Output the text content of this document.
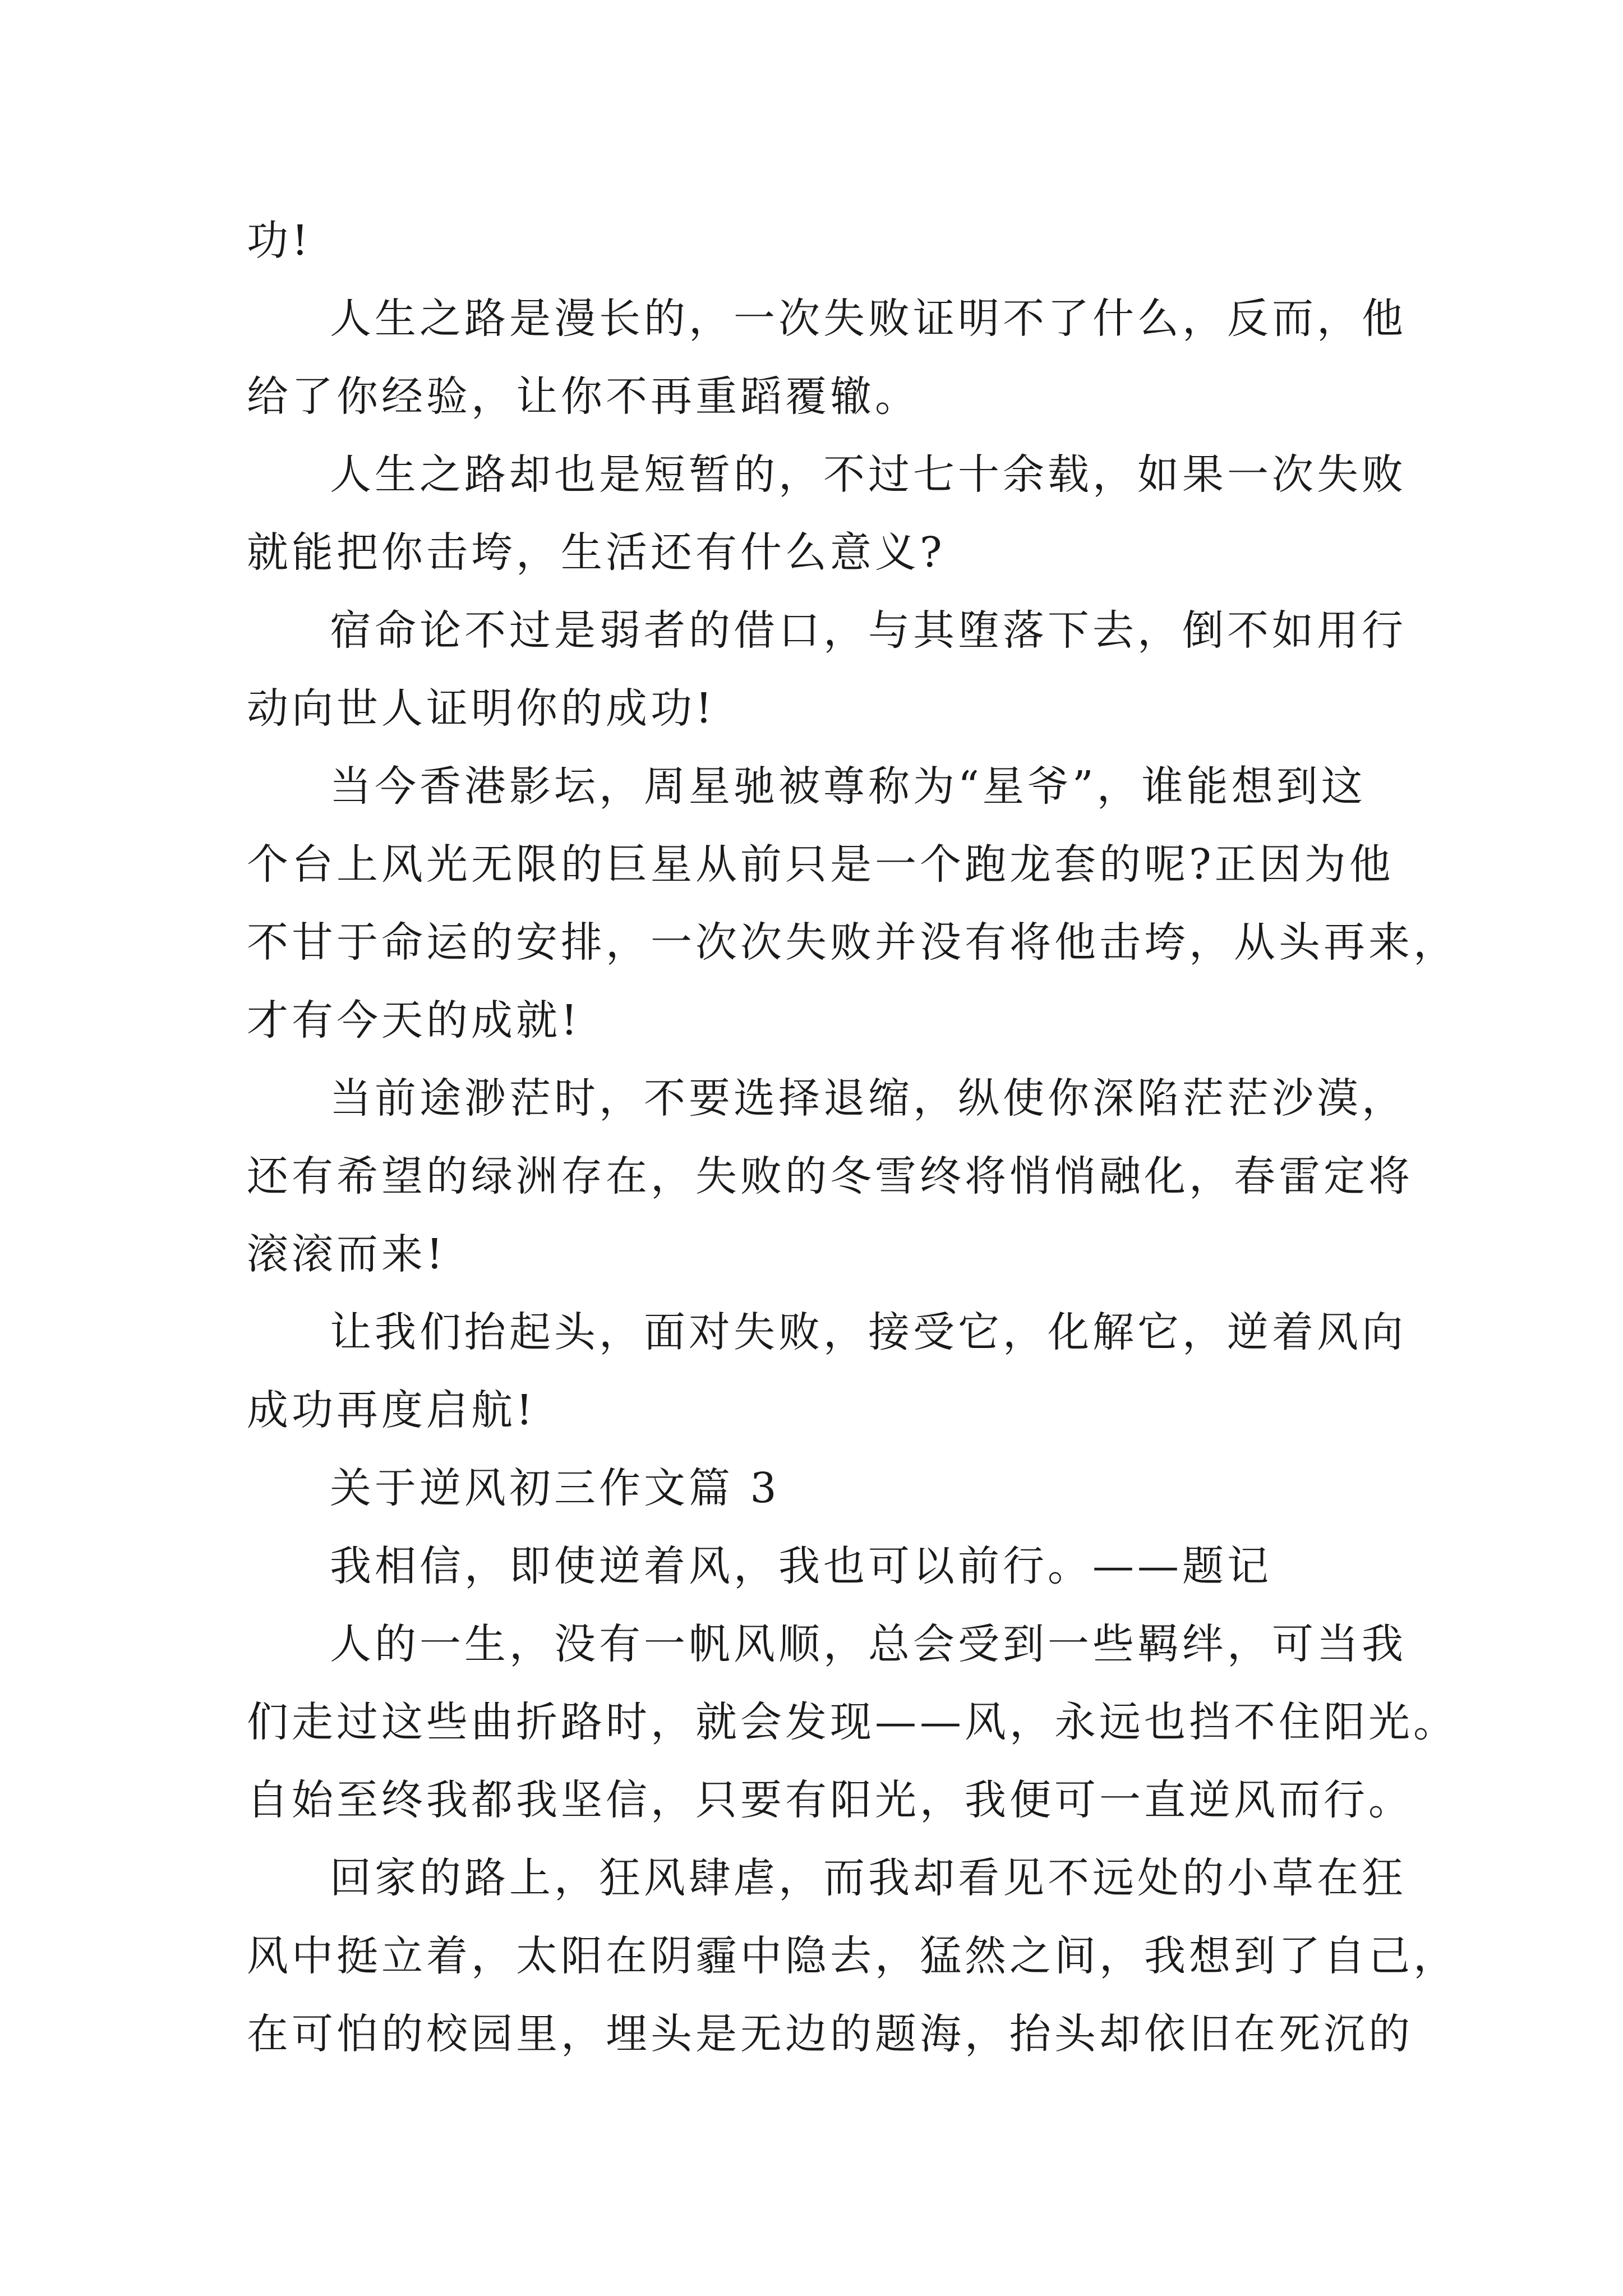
功!

人生之路是漫长的，一次失败证明不了什么，反而，他

给了你经验，让你不再重蹈覆辙。

人生之路却也是短暂的，不过七十余载，如果一次失败

就能把你击垮，生活还有什么意义?

宿命论不过是弱者的借口，与其堕落下去，倒不如用行

动向世人证明你的成功!

当今香港影坛，周星驰被尊称为“星爷”，谁能想到这

个台上风光无限的巨星从前只是一个跑龙套的呢?正因为他

不甘于命运的安排，一次次失败并没有将他击垮，从头再来，

才有今天的成就!

当前途渺茫时，不要选择退缩，纵使你深陷茫茫沙漠，

还有希望的绿洲存在，失败的冬雪终将悄悄融化，春雷定将

滚滚而来!

让我们抬起头，面对失败，接受它，化解它，逆着风向

成功再度启航!

关于逆风初三作文篇 3

我相信，即使逆着风，我也可以前行。——题记

人的一生，没有一帆风顺，总会受到一些羁绊，可当我

们走过这些曲折路时，就会发现——风，永远也挡不住阳光。

自始至终我都我坚信，只要有阳光，我便可一直逆风而行。

回家的路上，狂风肆虐，而我却看见不远处的小草在狂

风中挺立着，太阳在阴霾中隐去，猛然之间，我想到了自己，

在可怕的校园里，埋头是无边的题海，抬头却依旧在死沉的
